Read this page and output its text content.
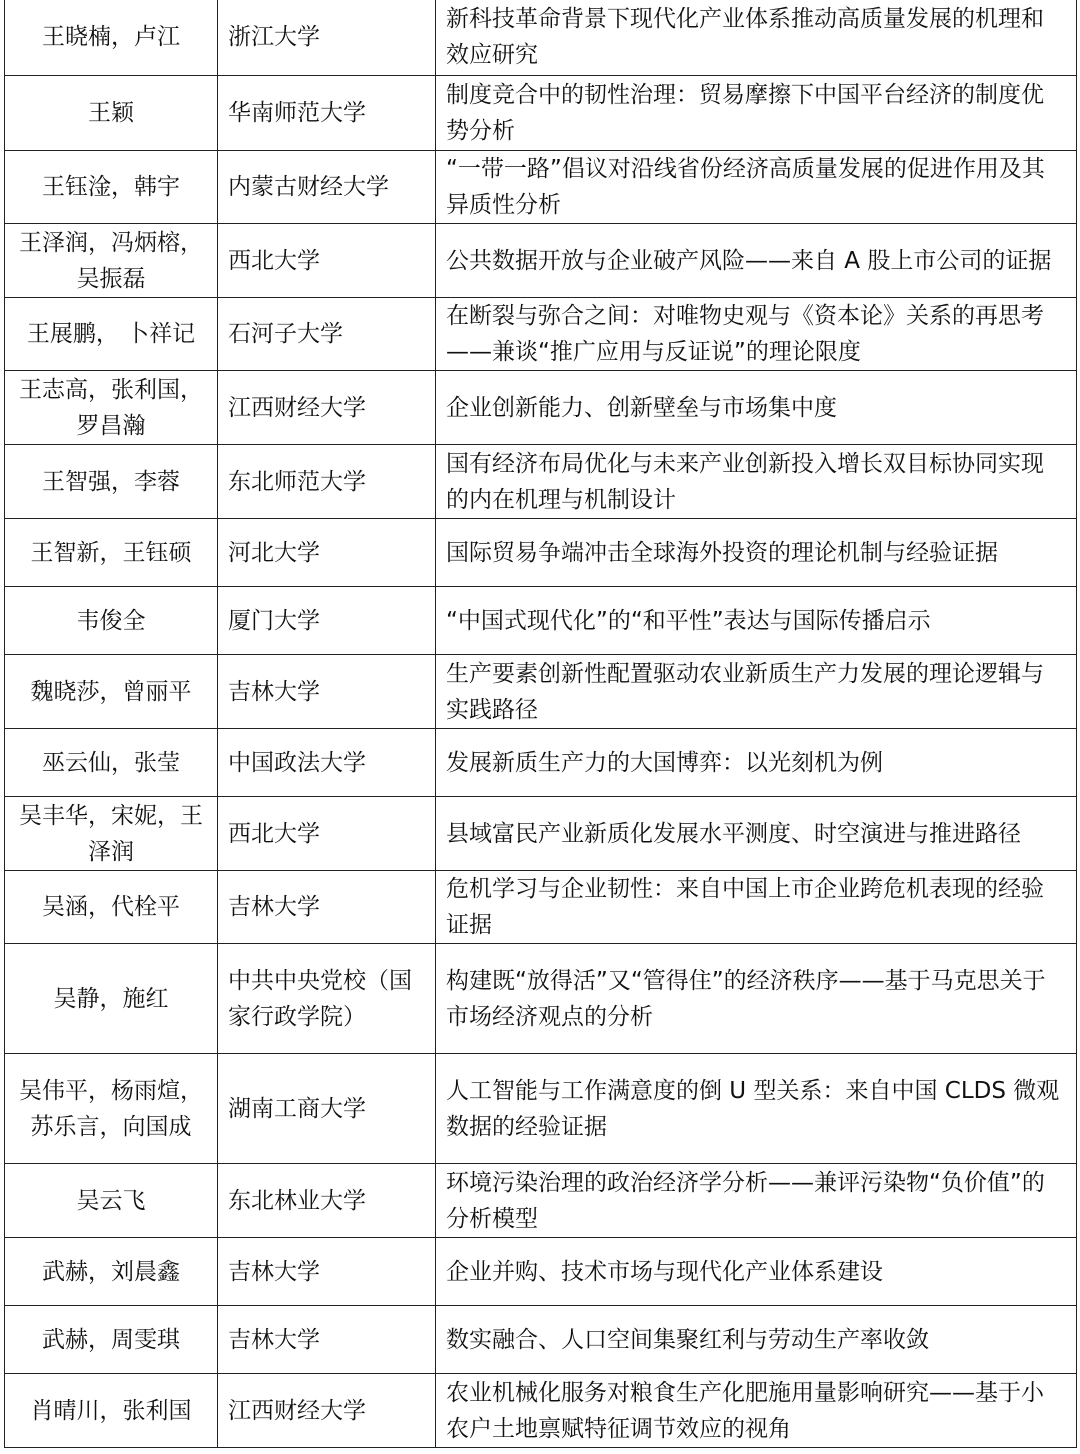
王晓楠，卢江	浙江大学	新科技革命背景下现代化产业体系推动高质量发展的机理和效应研究
王颖	华南师范大学	制度竞合中的韧性治理：贸易摩擦下中国平台经济的制度优势分析
王钰淦，韩宇	内蒙古财经大学	“一带一路”倡议对沿线省份经济高质量发展的促进作用及其异质性分析
王泽润，冯炳榕，吴振磊	西北大学	公共数据开放与企业破产风险——来自 A 股上市公司的证据
王展鹏， 卜祥记	石河子大学	在断裂与弥合之间：对唯物史观与《资本论》关系的再思考——兼谈“推广应用与反证说”的理论限度
王志高，张利国，罗昌瀚	江西财经大学	企业创新能力、创新壁垒与市场集中度
王智强，李蓉	东北师范大学	国有经济布局优化与未来产业创新投入增长双目标协同实现的内在机理与机制设计
王智新，王钰硕	河北大学	国际贸易争端冲击全球海外投资的理论机制与经验证据
韦俊全	厦门大学	“中国式现代化”的“和平性”表达与国际传播启示
魏晓莎，曾丽平	吉林大学	生产要素创新性配置驱动农业新质生产力发展的理论逻辑与实践路径
巫云仙，张莹	中国政法大学	发展新质生产力的大国博弈：以光刻机为例
吴丰华，宋妮，王泽润	西北大学	县域富民产业新质化发展水平测度、时空演进与推进路径
吴涵，代栓平	吉林大学	危机学习与企业韧性：来自中国上市企业跨危机表现的经验证据
吴静，施红	中共中央党校（国家行政学院）	构建既“放得活”又“管得住”的经济秩序——基于马克思关于市场经济观点的分析
吴伟平，杨雨煊，苏乐言，向国成	湖南工商大学	人工智能与工作满意度的倒 U 型关系：来自中国 CLDS 微观数据的经验证据
吴云飞	东北林业大学	环境污染治理的政治经济学分析——兼评污染物“负价值”的分析模型
武赫，刘晨鑫	吉林大学	企业并购、技术市场与现代化产业体系建设
武赫，周雯琪	吉林大学	数实融合、人口空间集聚红利与劳动生产率收敛
肖晴川，张利国	江西财经大学	农业机械化服务对粮食生产化肥施用量影响研究——基于小农户土地禀赋特征调节效应的视角
